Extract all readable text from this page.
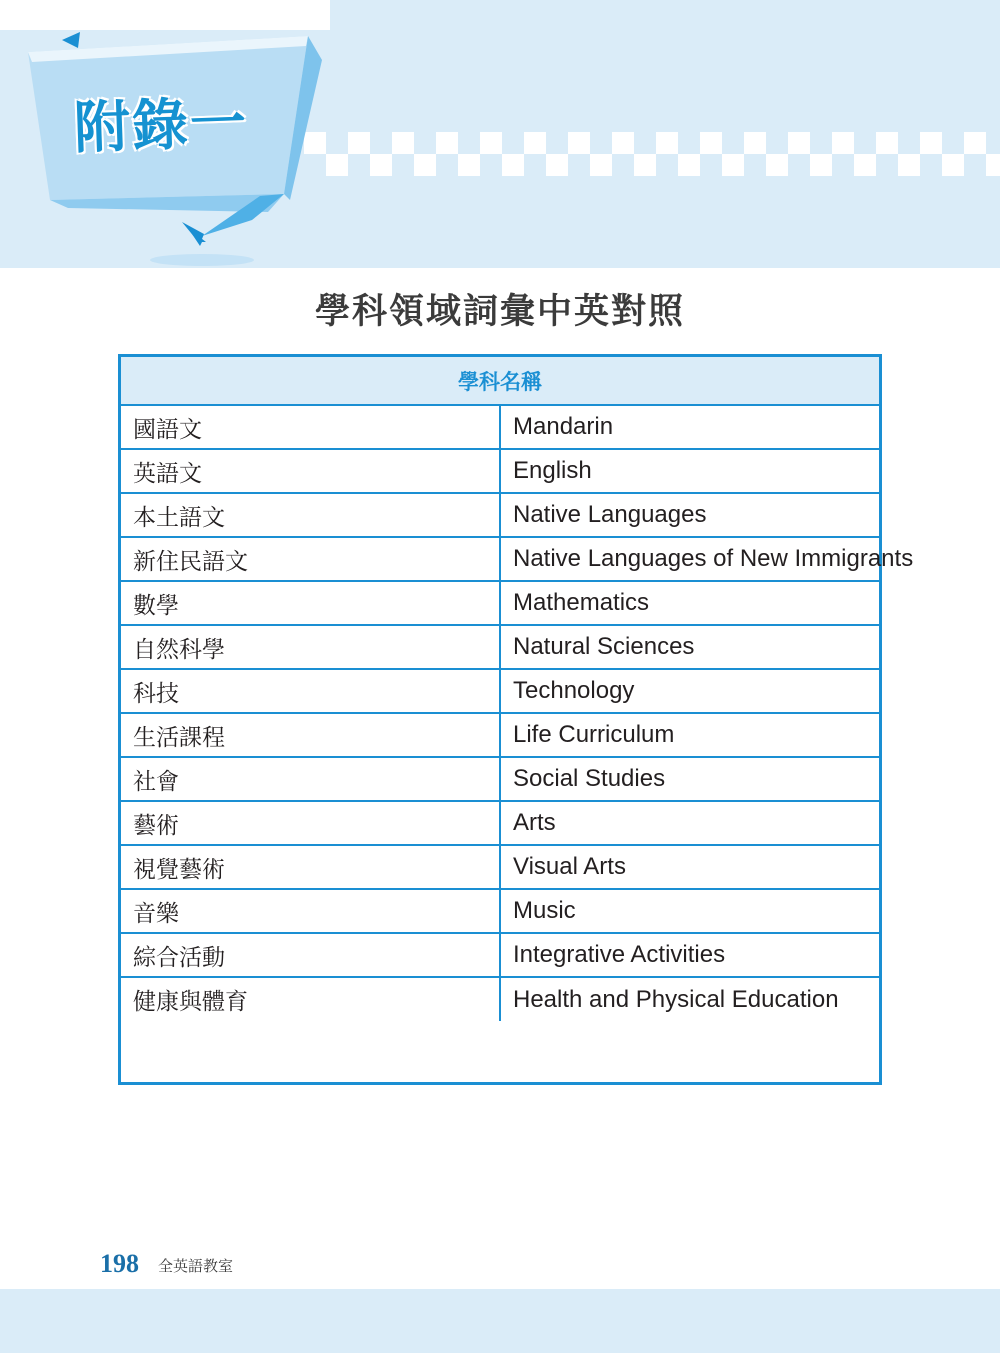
附錄一
學科領域詞彙中英對照
學科名稱	
國語文	Mandarin
英語文	English
本土語文	Native Languages
新住民語文	Native Languages of New Immigrants
數學	Mathematics
自然科學	Natural Sciences
科技	Technology
生活課程	Life Curriculum
社會	Social Studies
藝術	Arts
視覺藝術	Visual Arts
音樂	Music
綜合活動	Integrative Activities
健康與體育	Health and Physical Education
198 全英語教室
